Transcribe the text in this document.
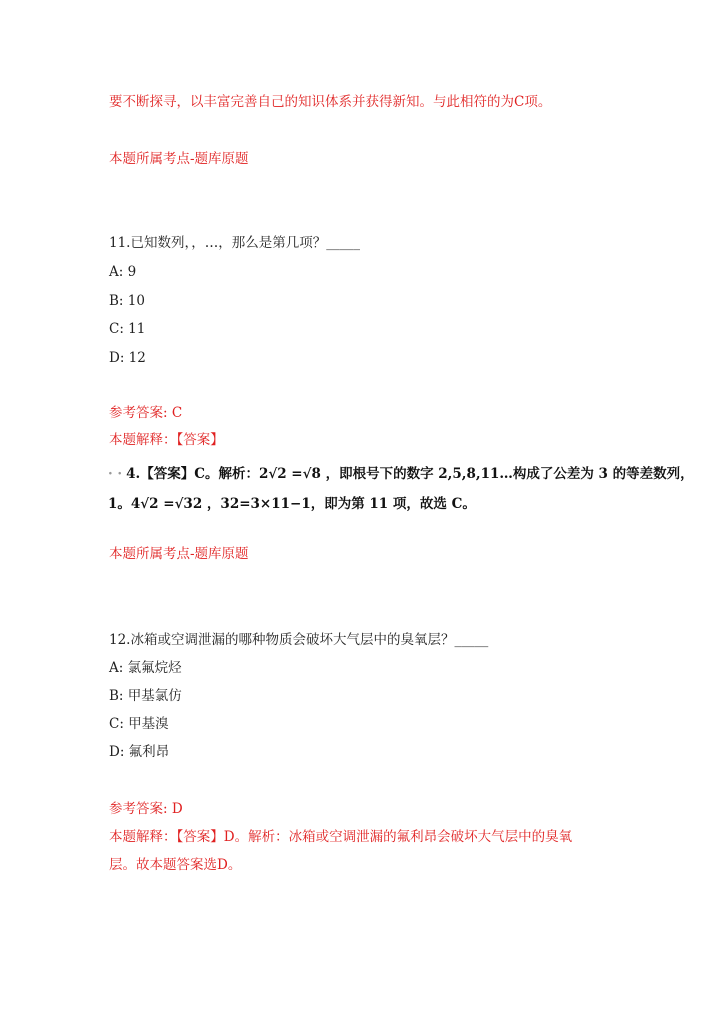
要不断探寻，以丰富完善自己的知识体系并获得新知。与此相符的为C项。
本题所属考点-题库原题
11.已知数列，，…，那么是第几项？_____
A: 9
B: 10
C: 11
D: 12
参考答案: C
本题解释：【答案】
· · 4.【答案】C。解析：2√2 =√8 ，即根号下的数字 2,5,8,11…构成了公差为 3 的等差数列，
1。4√2 =√32 ，32=3×11−1，即为第 11 项，故选 C。
本题所属考点-题库原题
12.冰箱或空调泄漏的哪种物质会破坏大气层中的臭氧层？_____
A: 氯氟烷烃
B: 甲基氯仿
C: 甲基溴
D: 氟利昂
参考答案: D
本题解释：【答案】D。解析：冰箱或空调泄漏的氟利昂会破坏大气层中的臭氧
层。故本题答案选D。
